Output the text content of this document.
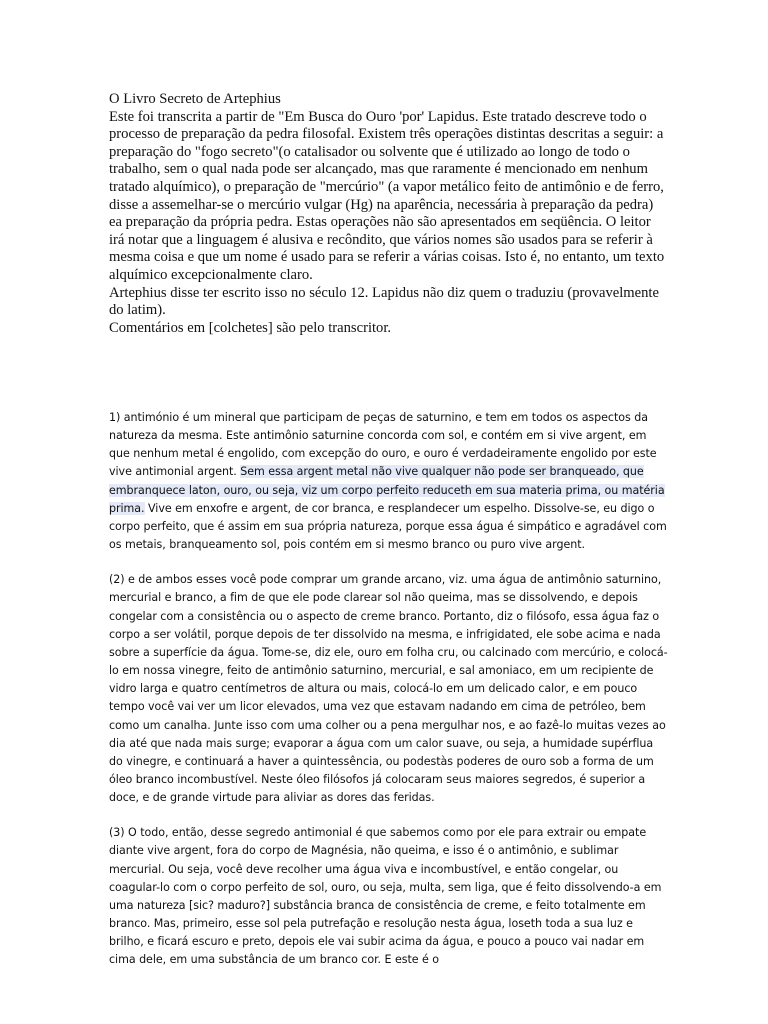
O Livro Secreto de Artephius

Este foi transcrita a partir de "Em Busca do Ouro 'por' Lapidus. Este tratado descreve todo o processo de preparação da pedra filosofal. Existem três operações distintas descritas a seguir: a preparação do "fogo secreto"(o catalisador ou solvente que é utilizado ao longo de todo o trabalho, sem o qual nada pode ser alcançado, mas que raramente é mencionado em nenhum tratado alquímico), o preparação de "mercúrio" (a vapor metálico feito de antimônio e de ferro, disse a assemelhar-se o mercúrio vulgar (Hg) na aparência, necessária à preparação da pedra) ea preparação da própria pedra. Estas operações não são apresentados em seqüência. O leitor irá notar que a linguagem é alusiva e recôndito, que vários nomes são usados para se referir à mesma coisa e que um nome é usado para se referir a várias coisas. Isto é, no entanto, um texto alquímico excepcionalmente claro.

Artephius disse ter escrito isso no século 12. Lapidus não diz quem o traduziu (provavelmente do latim).

Comentários em [colchetes] são pelo transcritor.

1) antimónio é um mineral que participam de peças de saturnino, e tem em todos os aspectos da natureza da mesma. Este antimônio saturnine concorda com sol, e contém em si vive argent, em que nenhum metal é engolido, com excepção do ouro, e ouro é verdadeiramente engolido por este vive antimonial argent. Sem essa argent metal não vive qualquer não pode ser branqueado, que embranquece laton, ouro, ou seja, viz um corpo perfeito reduceth em sua materia prima, ou matéria prima. Vive em enxofre e argent, de cor branca, e resplandecer um espelho. Dissolve-se, eu digo o corpo perfeito, que é assim em sua própria natureza, porque essa água é simpático e agradável com os metais, branqueamento sol, pois contém em si mesmo branco ou puro vive argent.

(2) e de ambos esses você pode comprar um grande arcano, viz. uma água de antimônio saturnino, mercurial e branco, a fim de que ele pode clarear sol não queima, mas se dissolvendo, e depois congelar com a consistência ou o aspecto de creme branco. Portanto, diz o filósofo, essa água faz o corpo a ser volátil, porque depois de ter dissolvido na mesma, e infrigidated, ele sobe acima e nada sobre a superfície da água. Tome-se, diz ele, ouro em folha cru, ou calcinado com mercúrio, e colocá-lo em nossa vinegre, feito de antimônio saturnino, mercurial, e sal amoniaco, em um recipiente de vidro larga e quatro centímetros de altura ou mais, colocá-lo em um delicado calor, e em pouco tempo você vai ver um licor elevados, uma vez que estavam nadando em cima de petróleo, bem como um canalha. Junte isso com uma colher ou a pena mergulhar nos, e ao fazê-lo muitas vezes ao dia até que nada mais surge; evaporar a água com um calor suave, ou seja, a humidade supérflua do vinegre, e continuará a haver a quintessência, ou podestàs poderes de ouro sob a forma de um óleo branco incombustível. Neste óleo filósofos já colocaram seus maiores segredos, é superior a doce, e de grande virtude para aliviar as dores das feridas.

(3) O todo, então, desse segredo antimonial é que sabemos como por ele para extrair ou empate diante vive argent, fora do corpo de Magnésia, não queima, e isso é o antimônio, e sublimar mercurial. Ou seja, você deve recolher uma água viva e incombustível, e então congelar, ou coagular-lo com o corpo perfeito de sol, ouro, ou seja, multa, sem liga, que é feito dissolvendo-a em uma natureza [sic? maduro?] substância branca de consistência de creme, e feito totalmente em branco. Mas, primeiro, esse sol pela putrefação e resolução nesta água, loseth toda a sua luz e brilho, e ficará escuro e preto, depois ele vai subir acima da água, e pouco a pouco vai nadar em cima dele, em uma substância de um branco cor. E este é o
